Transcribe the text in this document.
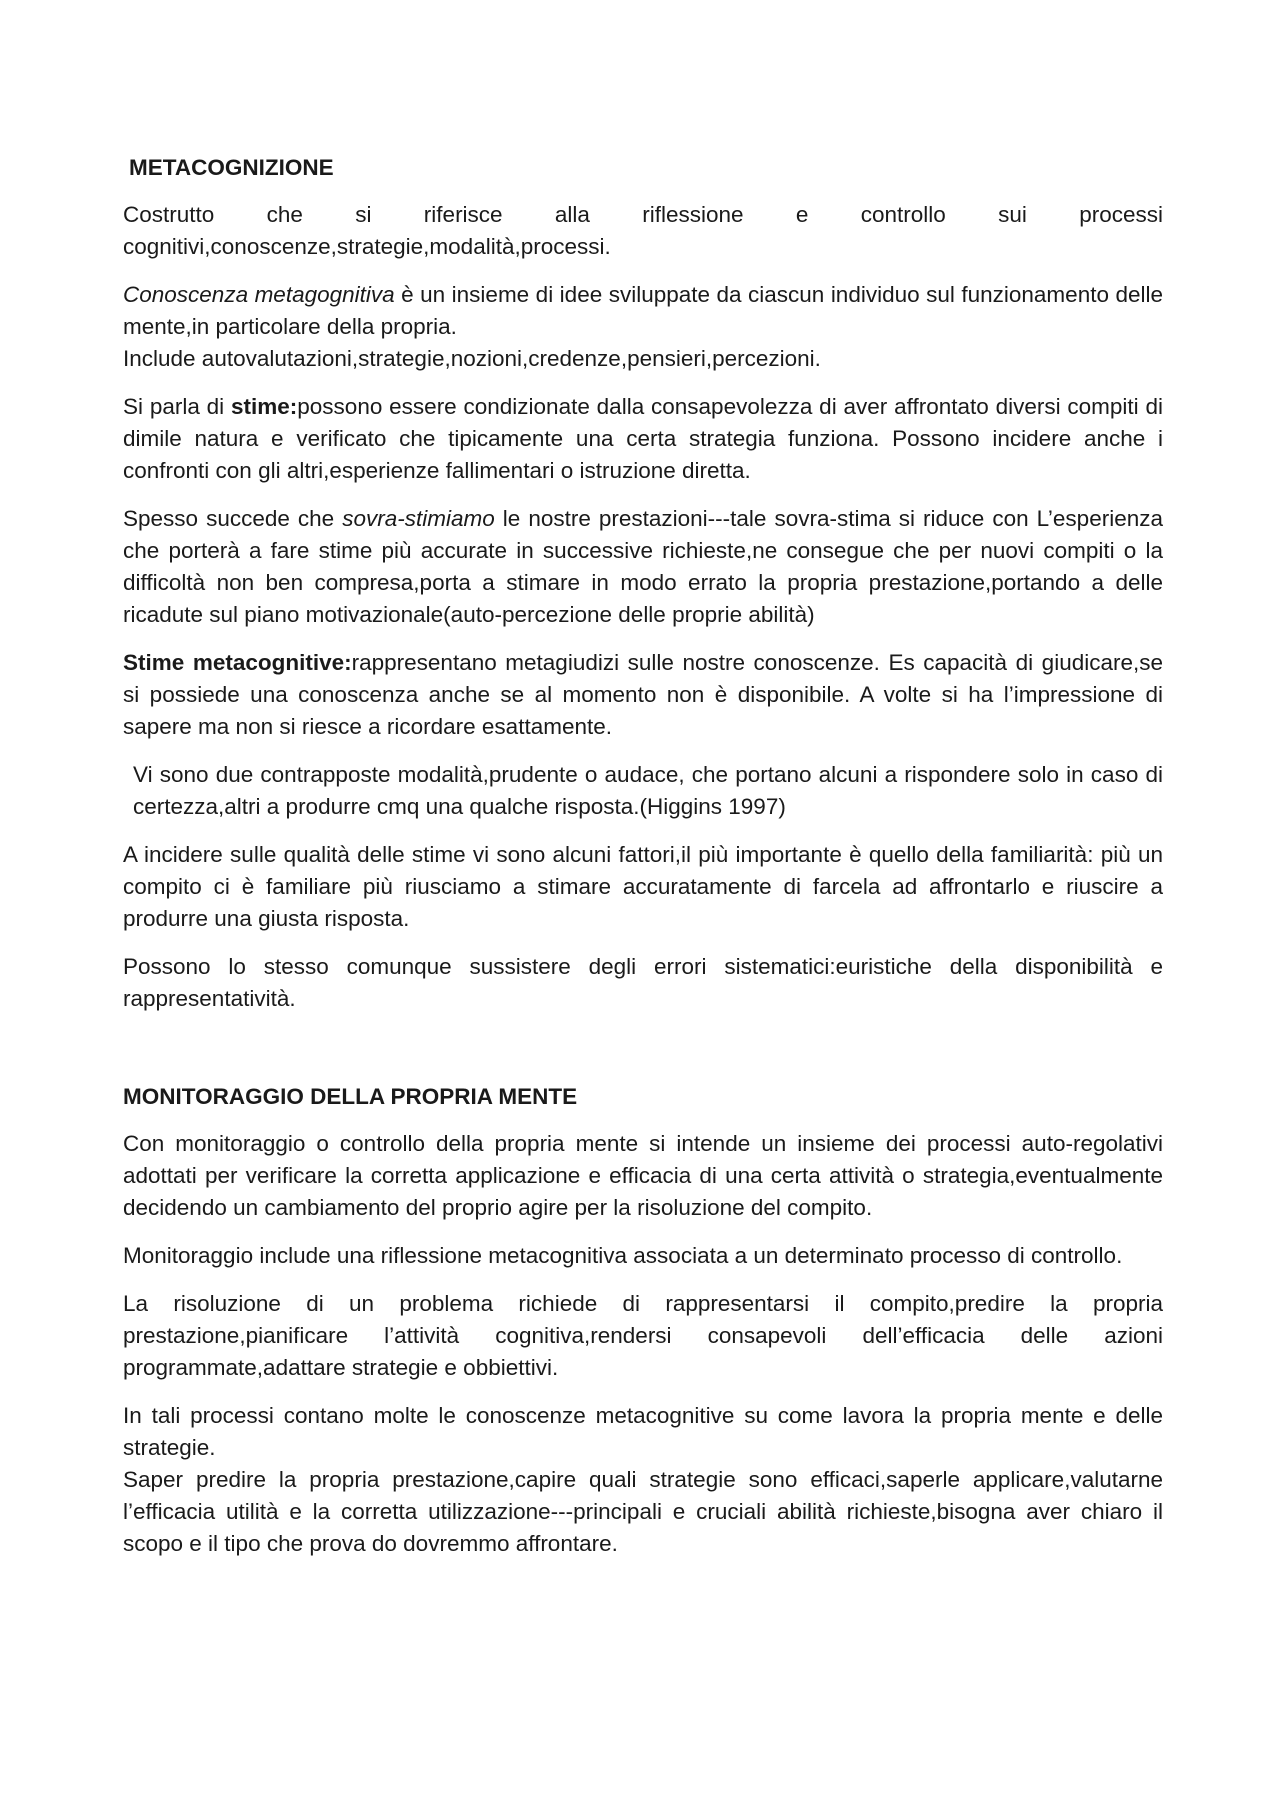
METACOGNIZIONE

Costrutto che si riferisce alla riflessione e controllo sui processi cognitivi,conoscenze,strategie,modalità,processi.

Conoscenza metagognitiva è un insieme di idee sviluppate da ciascun individuo sul funzionamento delle mente,in particolare della propria.

Include autovalutazioni,strategie,nozioni,credenze,pensieri,percezioni.

Si parla di stime:possono essere condizionate dalla consapevolezza di aver affrontato diversi compiti di dimile natura e verificato che tipicamente una certa strategia funziona. Possono incidere anche i confronti con gli altri,esperienze fallimentari o istruzione diretta.

Spesso succede che sovra-stimiamo le nostre prestazioni---tale sovra-stima si riduce con L’esperienza che porterà a fare stime più accurate in successive richieste,ne consegue che per nuovi compiti o la difficoltà non ben compresa,porta a stimare in modo errato la propria prestazione,portando a delle ricadute sul piano motivazionale(auto-percezione delle proprie abilità)

Stime metacognitive:rappresentano metagiudizi sulle nostre conoscenze. Es capacità di giudicare,se si possiede una conoscenza anche se al momento non è disponibile. A volte si ha l’impressione di sapere ma non si riesce a ricordare esattamente.

Vi sono due contrapposte modalità,prudente o audace, che portano alcuni a rispondere solo in caso di certezza,altri a produrre cmq una qualche risposta.(Higgins 1997)

A incidere sulle qualità delle stime vi sono alcuni fattori,il più importante è quello della familiarità: più un compito ci è familiare più riusciamo a stimare accuratamente di farcela ad affrontarlo e riuscire a produrre una giusta risposta.

Possono lo stesso comunque sussistere degli errori sistematici:euristiche della disponibilità e rappresentatività.

MONITORAGGIO DELLA PROPRIA MENTE

Con monitoraggio o controllo della propria mente si intende un insieme dei processi auto-regolativi adottati per verificare la corretta applicazione e efficacia di una certa attività o strategia,eventualmente decidendo un cambiamento del proprio agire per la risoluzione del compito.

Monitoraggio include una riflessione metacognitiva associata a un determinato processo di controllo.

La risoluzione di un problema richiede di rappresentarsi il compito,predire la propria prestazione,pianificare l’attività cognitiva,rendersi consapevoli dell’efficacia delle azioni programmate,adattare strategie e obbiettivi.

In tali processi contano molte le conoscenze metacognitive su come lavora la propria mente e delle strategie.

Saper predire la propria prestazione,capire quali strategie sono efficaci,saperle applicare,valutarne l’efficacia utilità e la corretta utilizzazione---principali e cruciali abilità richieste,bisogna aver chiaro il scopo e il tipo che prova do dovremmo affrontare.
